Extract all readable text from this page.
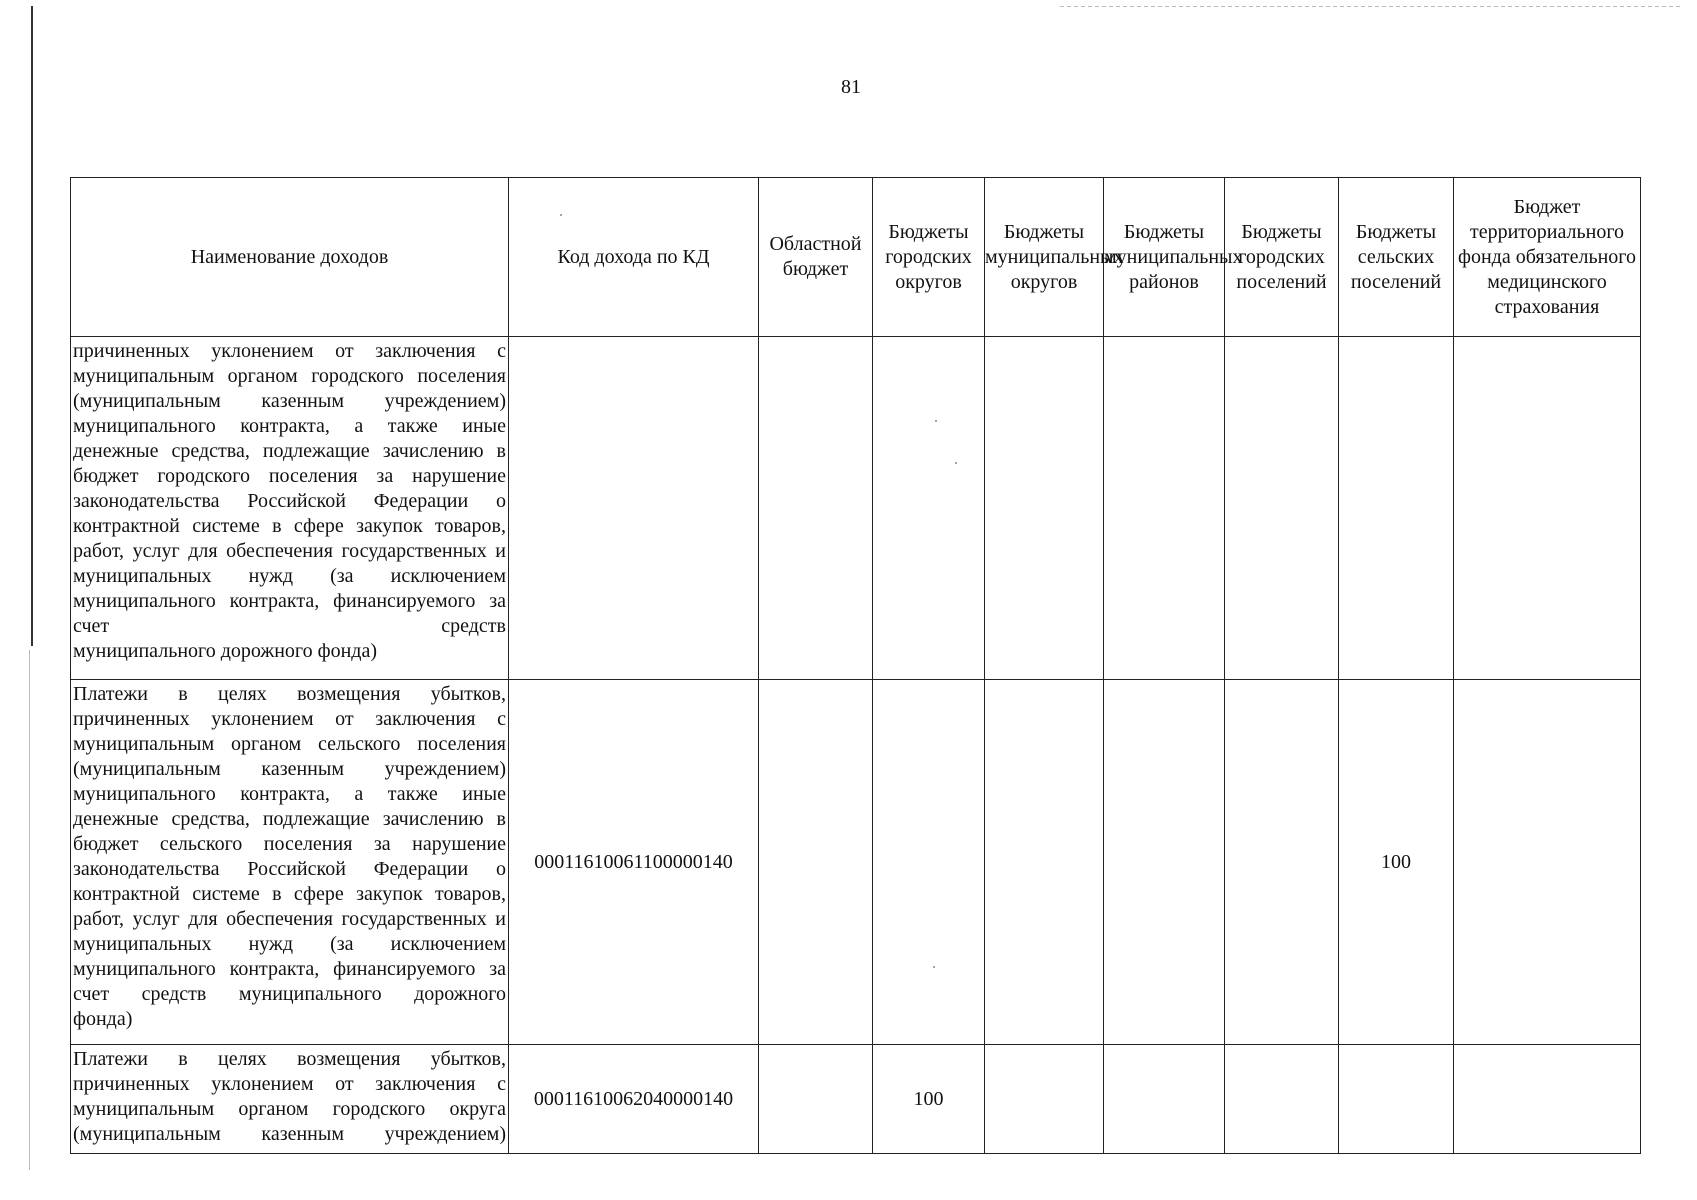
81
Наименование доходов	Код дохода по КД	Областной бюджет	Бюджеты городских округов	Бюджеты муниципальных округов	Бюджеты муниципальных районов	Бюджеты городских поселений	Бюджеты сельских поселений	Бюджет территориального фонда обязательного медицинского страхования
причиненных уклонением от заключения с муниципальным органом городского поселения (муниципальным казенным учреждением) муниципального контракта, а также иные денежные средства, подлежащие зачислению в бюджет городского поселения за нарушение законодательства Российской Федерации о контрактной системе в сфере закупок товаров, работ, услуг для обеспечения государственных и муниципальных нужд (за исключением муниципального контракта, финансируемого за счет средств
муниципального дорожного фонда)								

Платежи в целях возмещения убытков, причиненных уклонением от заключения с муниципальным органом сельского поселения (муниципальным казенным учреждением) муниципального контракта, а также иные денежные средства, подлежащие зачислению в бюджет сельского поселения за нарушение законодательства Российской Федерации о контрактной системе в сфере закупок товаров, работ, услуг для обеспечения государственных и муниципальных нужд (за исключением муниципального контракта, финансируемого за счет средств муниципального дорожного
фонда)	00011610061100000140						100	
Платежи в целях возмещения убытков, причиненных уклонением от заключения с муниципальным органом городского округа (муниципальным казенным учреждением)	00011610062040000140		100					
